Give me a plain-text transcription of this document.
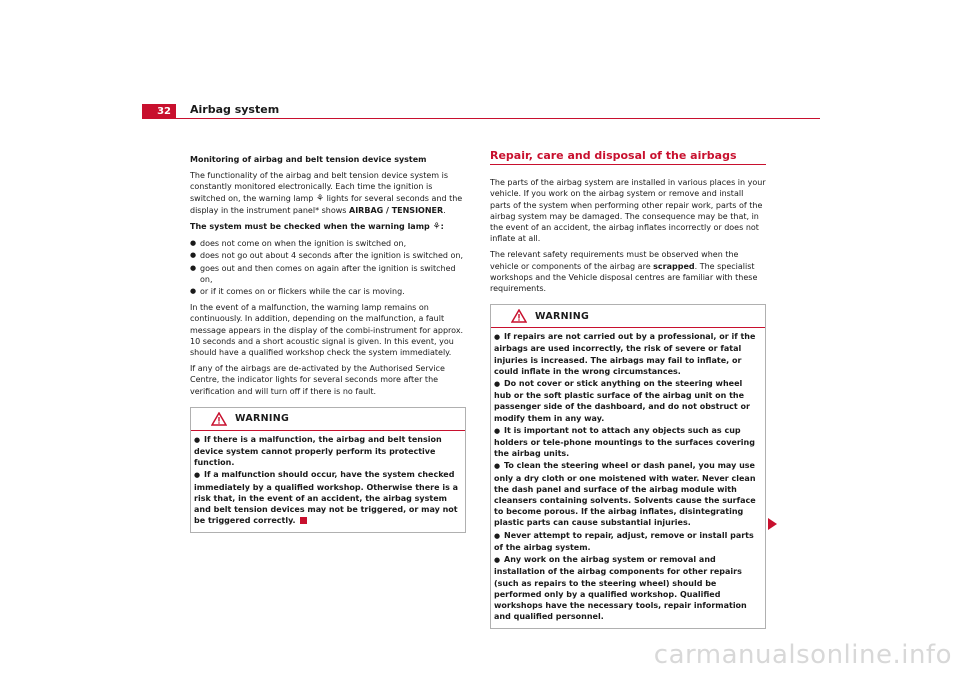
32	Airbag system

Monitoring of airbag and belt tension device system

The functionality of the airbag and belt tension device system is constantly monitored electronically. Each time the ignition is switched on, the warning lamp ⚘ lights for several seconds and the display in the instrument panel* shows AIRBAG / TENSIONER.

The system must be checked when the warning lamp ⚘:

● does not come on when the ignition is switched on,
● does not go out about 4 seconds after the ignition is switched on,
● goes out and then comes on again after the ignition is switched on,
● or if it comes on or flickers while the car is moving.

In the event of a malfunction, the warning lamp remains on continuously. In addition, depending on the malfunction, a fault message appears in the display of the combi-instrument for approx. 10 seconds and a short acoustic signal is given. In this event, you should have a qualified workshop check the system immediately.

If any of the airbags are de-activated by the Authorised Service Centre, the indicator lights for several seconds more after the verification and will turn off if there is no fault.

WARNING
● If there is a malfunction, the airbag and belt tension device system cannot properly perform its protective function.
● If a malfunction should occur, have the system checked immediately by a qualified workshop. Otherwise there is a risk that, in the event of an accident, the airbag system and belt tension devices may not be triggered, or may not be triggered correctly.
Repair, care and disposal of the airbags

The parts of the airbag system are installed in various places in your vehicle. If you work on the airbag system or remove and install parts of the system when performing other repair work, parts of the airbag system may be damaged. The consequence may be that, in the event of an accident, the airbag inflates incorrectly or does not inflate at all.

The relevant safety requirements must be observed when the vehicle or components of the airbag are scrapped. The specialist workshops and the Vehicle disposal centres are familiar with these requirements.

WARNING
● If repairs are not carried out by a professional, or if the airbags are used incorrectly, the risk of severe or fatal injuries is increased. The airbags may fail to inflate, or could inflate in the wrong circumstances.
● Do not cover or stick anything on the steering wheel hub or the soft plastic surface of the airbag unit on the passenger side of the dashboard, and do not obstruct or modify them in any way.
● It is important not to attach any objects such as cup holders or tele-phone mountings to the surfaces covering the airbag units.
● To clean the steering wheel or dash panel, you may use only a dry cloth or one moistened with water. Never clean the dash panel and surface of the airbag module with cleansers containing solvents. Solvents cause the surface to become porous. If the airbag inflates, disintegrating plastic parts can cause substantial injuries.
● Never attempt to repair, adjust, remove or install parts of the airbag system.
● Any work on the airbag system or removal and installation of the airbag components for other repairs (such as repairs to the steering wheel) should be performed only by a qualified workshop. Qualified workshops have the necessary tools, repair information and qualified personnel.
carmanualsonline.info
